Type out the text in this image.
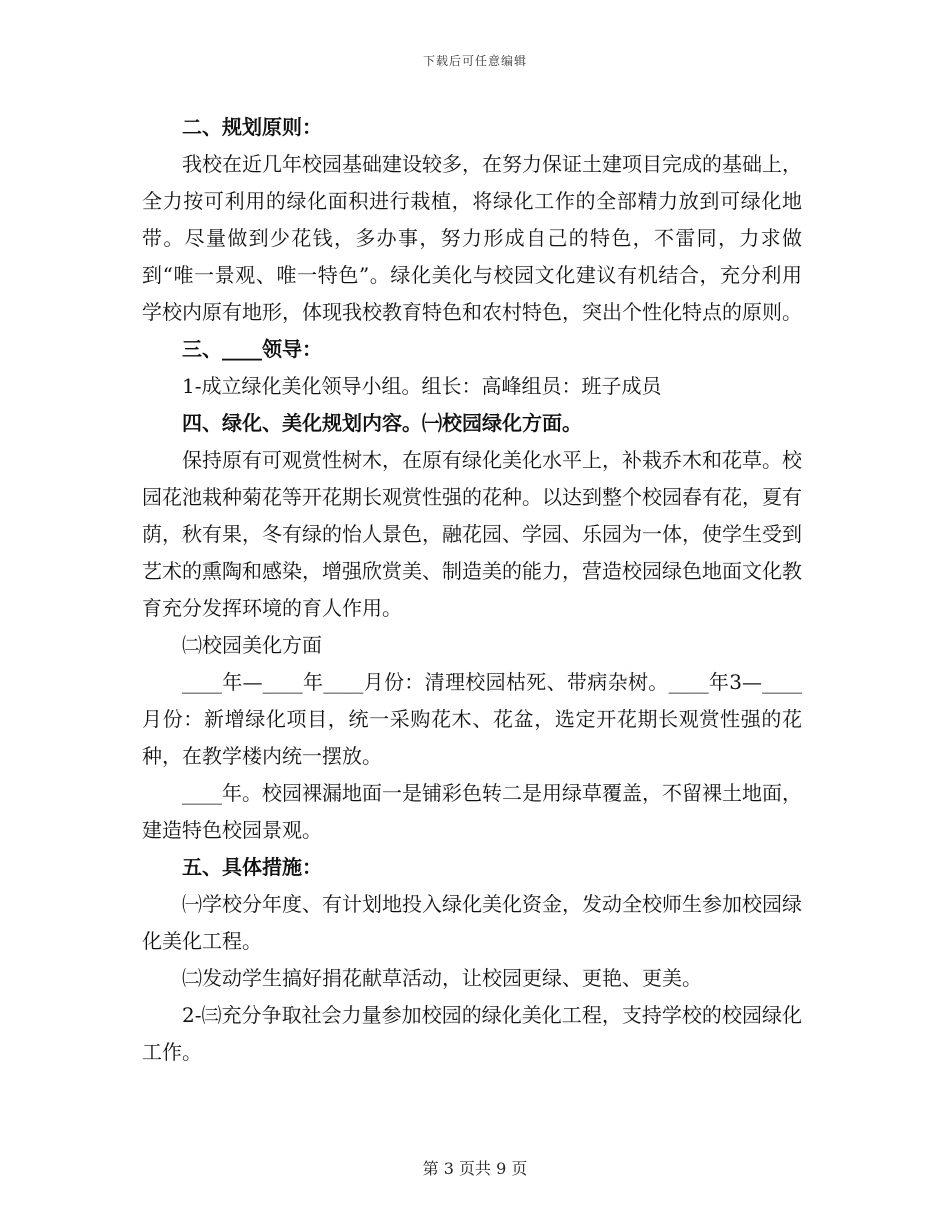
下载后可任意编辑

二、规划原则：

我校在近几年校园基础建设较多，在努力保证土建项目完成的基础上，全力按可利用的绿化面积进行栽植，将绿化工作的全部精力放到可绿化地带。尽量做到少花钱，多办事，努力形成自己的特色，不雷同，力求做到“唯一景观、唯一特色”。绿化美化与校园文化建议有机结合，充分利用学校内原有地形，体现我校教育特色和农村特色，突出个性化特点的原则。

三、____领导：

1-成立绿化美化领导小组。组长：高峰组员：班子成员

四、绿化、美化规划内容。㈠校园绿化方面。

保持原有可观赏性树木，在原有绿化美化水平上，补栽乔木和花草。校园花池栽种菊花等开花期长观赏性强的花种。以达到整个校园春有花，夏有荫，秋有果，冬有绿的怡人景色，融花园、学园、乐园为一体，使学生受到艺术的熏陶和感染，增强欣赏美、制造美的能力，营造校园绿色地面文化教育充分发挥环境的育人作用。

㈡校园美化方面

____年—____年____月份：清理校园枯死、带病杂树。____年3—____月份：新增绿化项目，统一采购花木、花盆，选定开花期长观赏性强的花种，在教学楼内统一摆放。

____年。校园裸漏地面一是铺彩色转二是用绿草覆盖，不留裸土地面，建造特色校园景观。

五、具体措施：

㈠学校分年度、有计划地投入绿化美化资金，发动全校师生参加校园绿化美化工程。

㈡发动学生搞好捐花献草活动，让校园更绿、更艳、更美。

2-㈢充分争取社会力量参加校园的绿化美化工程，支持学校的校园绿化工作。

第 3 页共 9 页
